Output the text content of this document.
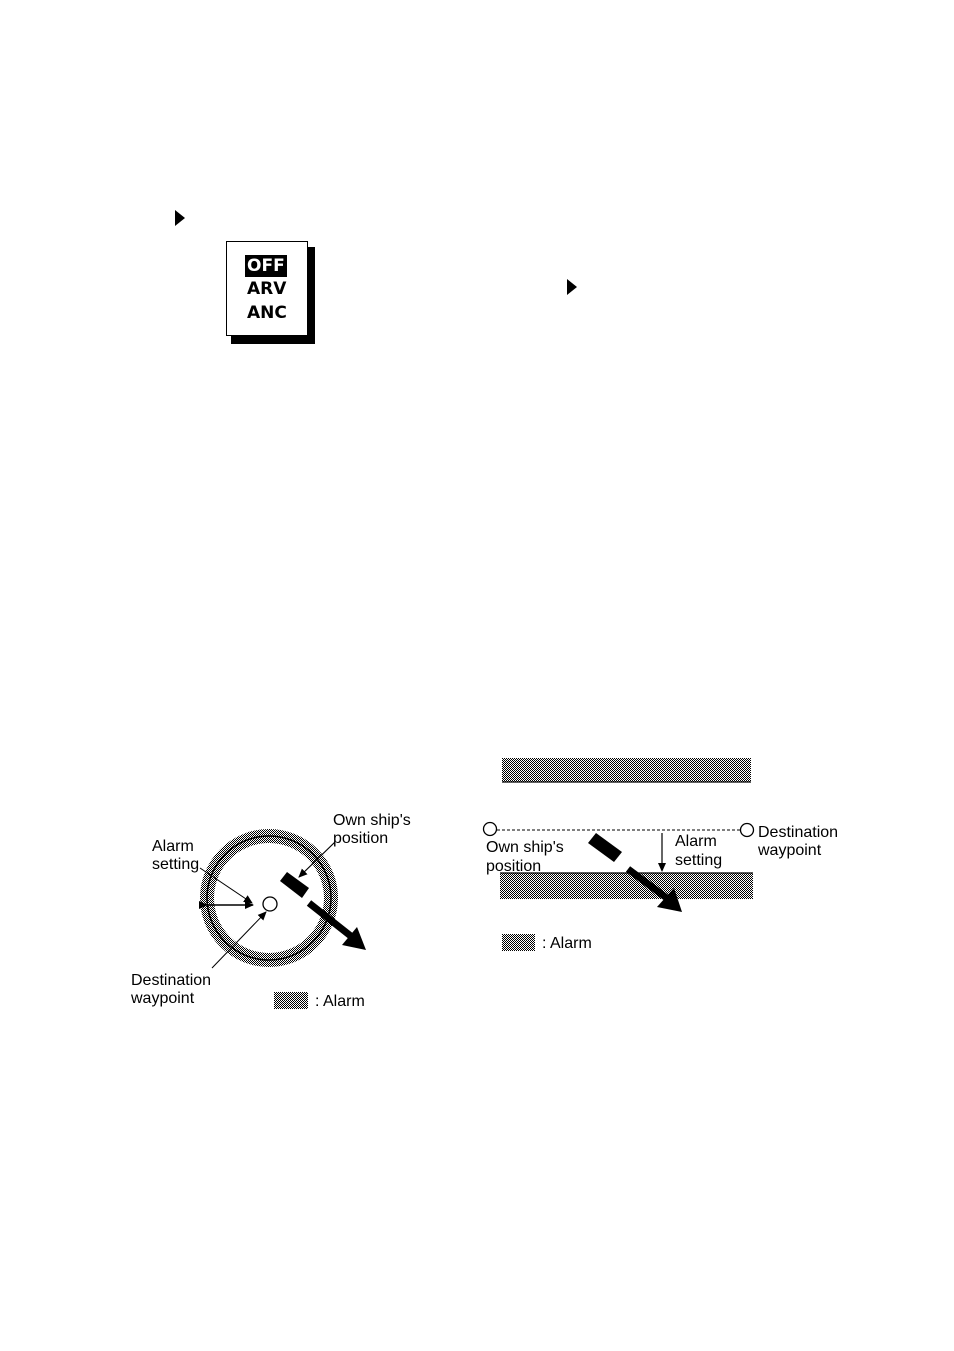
OFF
ARV
ANC
Alarm
setting
Own ship's
position
Destination
waypoint	: Alarm
Own ship's
position
Alarm
setting
Destination
waypoint
: Alarm
